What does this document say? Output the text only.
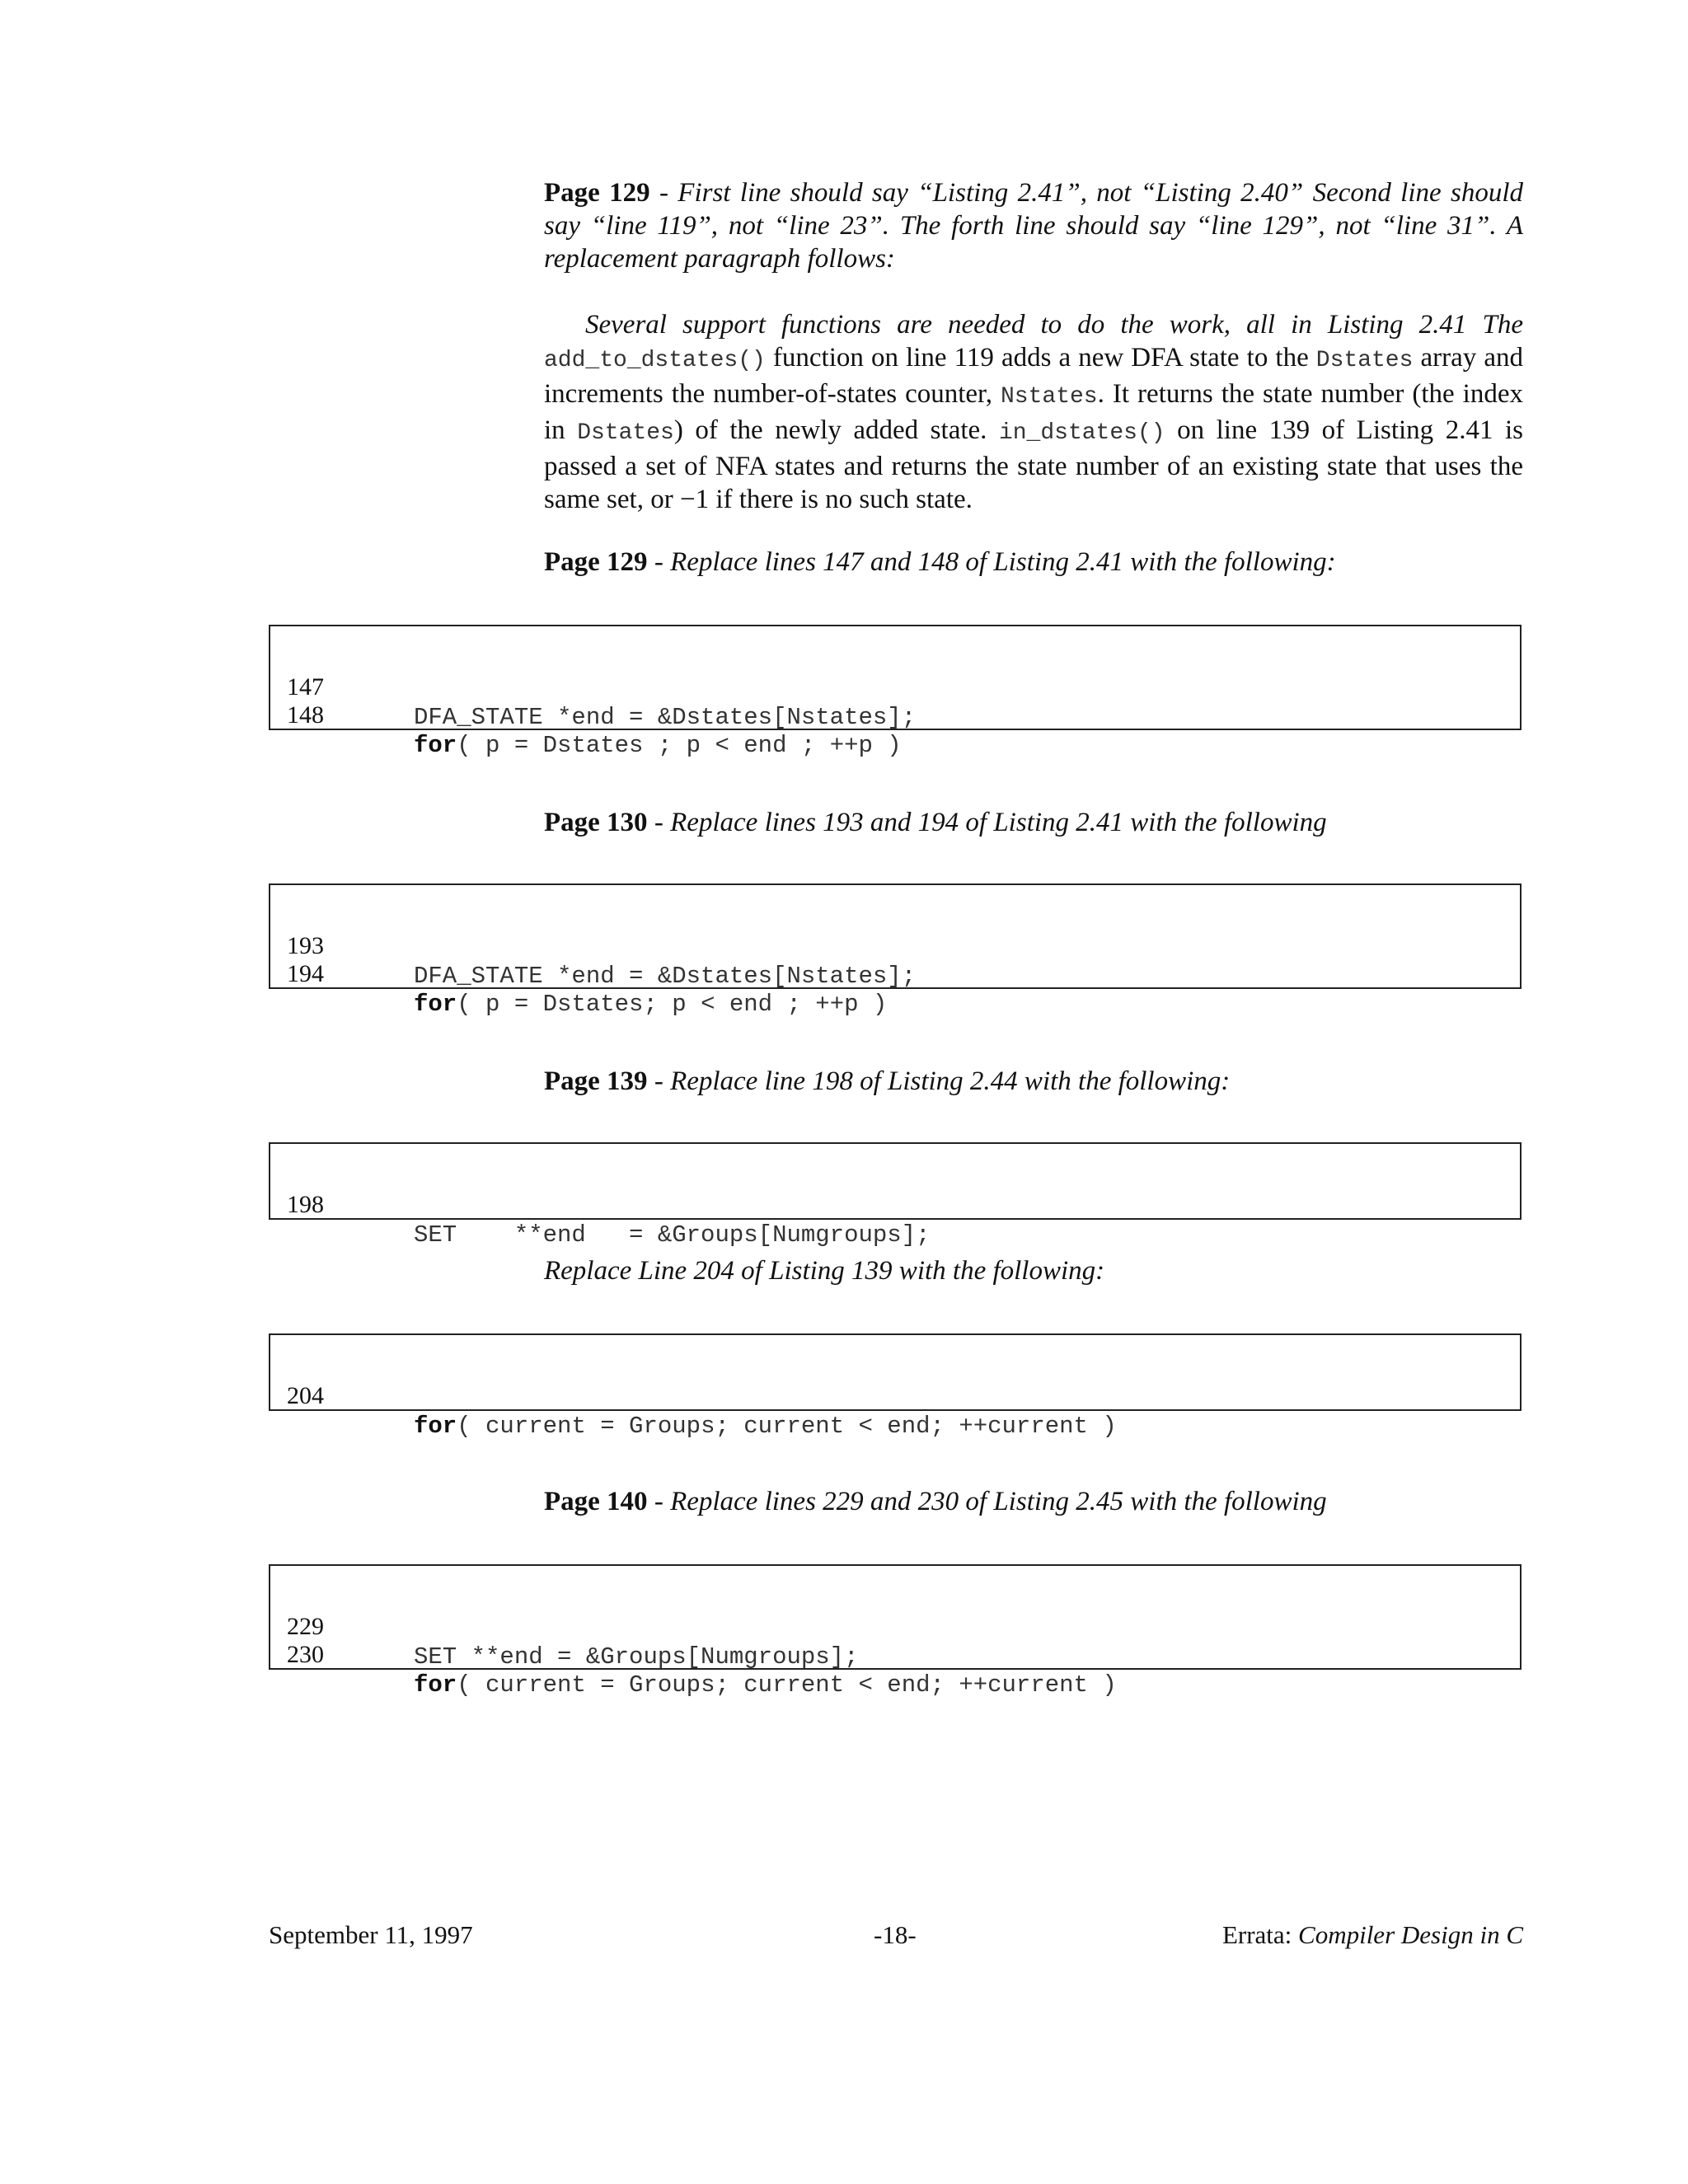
Page 129 - First line should say “Listing 2.41”, not “Listing 2.40” Second line should say “line 119”, not “line 23”. The forth line should say “line 129”, not “line 31”. A replacement paragraph follows:
Several support functions are needed to do the work, all in Listing 2.41 The add_to_dstates() function on line 119 adds a new DFA state to the Dstates array and increments the number-of-states counter, Nstates. It returns the state number (the index in Dstates) of the newly added state. in_dstates() on line 139 of Listing 2.41 is passed a set of NFA states and returns the state number of an existing state that uses the same set, or −1 if there is no such state.
Page 129 - Replace lines 147 and 148 of Listing 2.41 with the following:

147

DFA_STATE *end = &Dstates[Nstates];

148

for( p = Dstates ; p < end ; ++p )

Page 130 - Replace lines 193 and 194 of Listing 2.41 with the following

193

DFA_STATE *end = &Dstates[Nstates];

194

for( p = Dstates; p < end ; ++p )

Page 139 - Replace line 198 of Listing 2.44 with the following:

198

SET    **end   = &Groups[Numgroups];

Replace Line 204 of Listing 139 with the following:

204

for( current = Groups; current < end; ++current )

Page 140 - Replace lines 229 and 230 of Listing 2.45 with the following

229

SET **end = &Groups[Numgroups];

230

for( current = Groups; current < end; ++current )

September 11, 1997	-18-	Errata: Compiler Design in C
